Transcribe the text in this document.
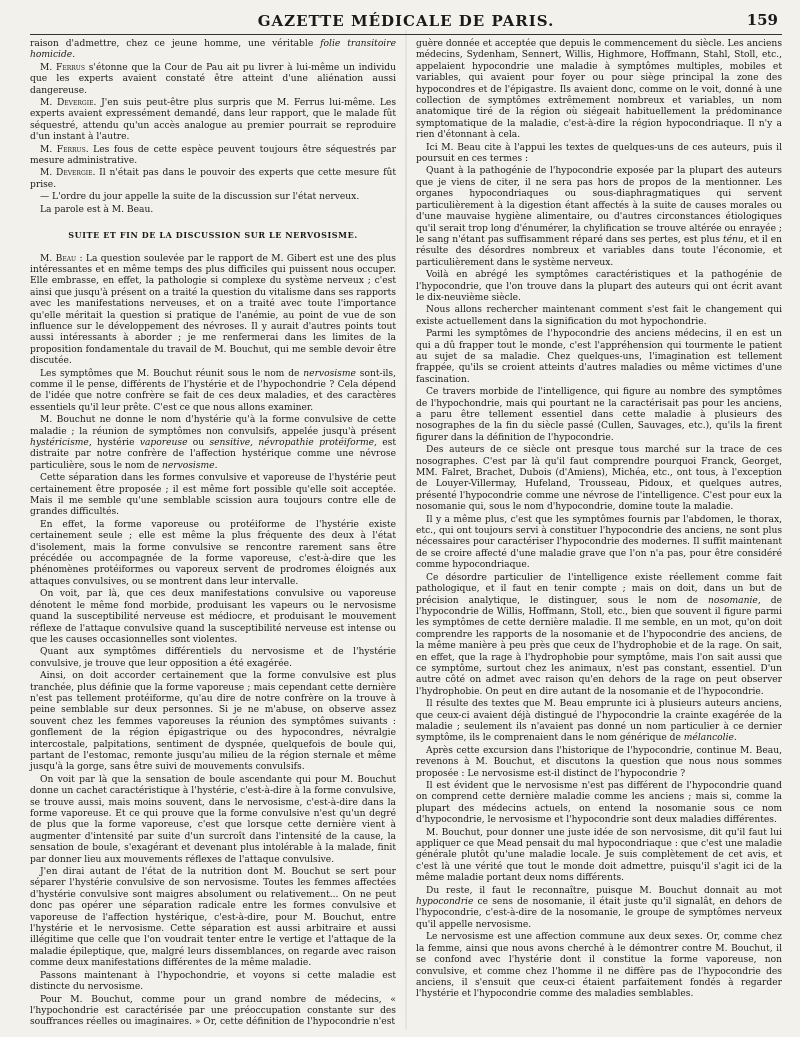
GAZETTE MÉDICALE DE PARIS.	159

raison d'admettre, chez ce jeune homme, une véritable folie transitoire homicide.

M. Ferrus s'étonne que la Cour de Pau ait pu livrer à lui-même un individu que les experts avaient constaté être atteint d'une aliénation aussi dangereuse.

M. Devergie. J'en suis peut-être plus surpris que M. Ferrus lui-même. Les experts avaient expressément demandé, dans leur rapport, que le malade fût séquestré, attendu qu'un accès analogue au premier pourrait se reproduire d'un instant à l'autre.

M. Ferrus. Les fous de cette espèce peuvent toujours être séquestrés par mesure administrative.

M. Devergie. Il n'était pas dans le pouvoir des experts que cette mesure fût prise.

— L'ordre du jour appelle la suite de la discussion sur l'état nerveux.

La parole est à M. Beau.

SUITE ET FIN DE LA DISCUSSION SUR LE NERVOSISME.

M. Beau : La question soulevée par le rapport de M. Gibert est une des plus intéressantes et en même temps des plus difficiles qui puissent nous occuper. Elle embrasse, en effet, la pathologie si complexe du système nerveux ; c'est ainsi que jusqu'à présent on a traité la question du vitalisme dans ses rapports avec les manifestations nerveuses, et on a traité avec toute l'importance qu'elle méritait la question si pratique de l'anémie, au point de vue de son influence sur le développement des névroses. Il y aurait d'autres points tout aussi intéressants à aborder ; je me renfermerai dans les limites de la proposition fondamentale du travail de M. Bouchut, qui me semble devoir être discutée.

Les symptômes que M. Bouchut réunit sous le nom de nervosisme sont-ils, comme il le pense, différents de l'hystérie et de l'hypochondrie ? Cela dépend de l'idée que notre confrère se fait de ces deux maladies, et des caractères essentiels qu'il leur prête. C'est ce que nous allons examiner.

M. Bouchut ne donne le nom d'hystérie qu'à la forme convulsive de cette maladie ; la réunion de symptômes non convulsifs, appelée jusqu'à présent hystéricisme, hystérie vaporeuse ou sensitive, névropathie protéiforme, est distraite par notre confrère de l'affection hystérique comme une névrose particulière, sous le nom de nervosisme.

Cette séparation dans les formes convulsive et vaporeuse de l'hystérie peut certainement être proposée ; il est même fort possible qu'elle soit acceptée. Mais il me semble qu'une semblable scission aura toujours contre elle de grandes difficultés.

En effet, la forme vaporeuse ou protéiforme de l'hystérie existe certainement seule ; elle est même la plus fréquente des deux à l'état d'isolement, mais la forme convulsive se rencontre rarement sans être précédée ou accompagnée de la forme vaporeuse, c'est-à-dire que les phénomènes protéiformes ou vaporeux servent de prodromes éloignés aux attaques convulsives, ou se montrent dans leur intervalle.

On voit, par là, que ces deux manifestations convulsive ou vaporeuse dénotent le même fond morbide, produisant les vapeurs ou le nervosisme quand la susceptibilité nerveuse est médiocre, et produisant le mouvement réflexe de l'attaque convulsive quand la susceptibilité nerveuse est intense ou que les causes occasionnelles sont violentes.

Quant aux symptômes différentiels du nervosisme et de l'hystérie convulsive, je trouve que leur opposition a été exagérée.

Ainsi, on doit accorder certainement que la forme convulsive est plus tranchée, plus définie que la forme vaporeuse ; mais cependant cette dernière n'est pas tellement protéiforme, qu'au dire de notre confrère on la trouve à peine semblable sur deux personnes. Si je ne m'abuse, on observe assez souvent chez les femmes vaporeuses la réunion des symptômes suivants : gonflement de la région épigastrique ou des hypocondres, névralgie intercostale, palpitations, sentiment de dyspnée, quelquefois de boule qui, partant de l'estomac, remonte jusqu'au milieu de la région sternale et même jusqu'à la gorge, sans être suivi de mouvements convulsifs.

On voit par là que la sensation de boule ascendante qui pour M. Bouchut donne un cachet caractéristique à l'hystérie, c'est-à-dire à la forme convulsive, se trouve aussi, mais moins souvent, dans le nervosisme, c'est-à-dire dans la forme vaporeuse. Et ce qui prouve que la forme convulsive n'est qu'un degré de plus que la forme vaporeuse, c'est que lorsque cette dernière vient à augmenter d'intensité par suite d'un surcroît dans l'intensité de la cause, la sensation de boule, s'exagérant et devenant plus intolérable à la malade, finit par donner lieu aux mouvements réflexes de l'attaque convulsive.

J'en dirai autant de l'état de la nutrition dont M. Bouchut se sert pour séparer l'hystérie convulsive de son nervosisme. Toutes les femmes affectées d'hystérie convulsive sont maigres absolument ou relativement... On ne peut donc pas opérer une séparation radicale entre les formes convulsive et vaporeuse de l'affection hystérique, c'est-à-dire, pour M. Bouchut, entre l'hystérie et le nervosisme. Cette séparation est aussi arbitraire et aussi illégitime que celle que l'on voudrait tenter entre le vertige et l'attaque de la maladie épileptique, que, malgré leurs dissemblances, on regarde avec raison comme deux manifestations différentes de la même maladie.

Passons maintenant à l'hypochondrie, et voyons si cette maladie est distincte du nervosisme.

Pour M. Bouchut, comme pour un grand nombre de médecins, « l'hypochondrie est caractérisée par une préoccupation constante sur des souffrances réelles ou imaginaires. » Or, cette définition de l'hypocondrie n'est

guère donnée et acceptée que depuis le commencement du siècle. Les anciens médecins, Sydenham, Sennert, Willis, Highmore, Hoffmann, Stahl, Stoll, etc., appelaient hypocondrie une maladie à symptômes multiples, mobiles et variables, qui avaient pour foyer ou pour siège principal la zone des hypocondres et de l'épigastre. Ils avaient donc, comme on le voit, donné à une collection de symptômes extrêmement nombreux et variables, un nom anatomique tiré de la région où siégeait habituellement la prédominance symptomatique de la maladie, c'est-à-dire la région hypocondriaque. Il n'y a rien d'étonnant à cela.

Ici M. Beau cite à l'appui les textes de quelques-uns de ces auteurs, puis il poursuit en ces termes :

Quant à la pathogénie de l'hypocondrie exposée par la plupart des auteurs que je viens de citer, il ne sera pas hors de propos de la mentionner. Les organes hypocondriaques ou sous-diaphragmatiques qui servent particulièrement à la digestion étant affectés à la suite de causes morales ou d'une mauvaise hygiène alimentaire, ou d'autres circonstances étiologiques qu'il serait trop long d'énumérer, la chylification se trouve altérée ou enrayée ; le sang n'étant pas suffisamment réparé dans ses pertes, est plus ténu, et il en résulte des désordres nombreux et variables dans toute l'économie, et particulièrement dans le système nerveux.

Voilà en abrégé les symptômes caractéristiques et la pathogénie de l'hypocondrie, que l'on trouve dans la plupart des auteurs qui ont écrit avant le dix-neuvième siècle.

Nous allons rechercher maintenant comment s'est fait le changement qui existe actuellement dans la signification du mot hypochondrie.

Parmi les symptômes de l'hypocondrie des anciens médecins, il en est un qui a dû frapper tout le monde, c'est l'appréhension qui tourmente le patient au sujet de sa maladie. Chez quelques-uns, l'imagination est tellement frappée, qu'ils se croient atteints d'autres maladies ou même victimes d'une fascination.

Ce travers morbide de l'intelligence, qui figure au nombre des symptômes de l'hypochondrie, mais qui pourtant ne la caractérisait pas pour les anciens, a paru être tellement essentiel dans cette maladie à plusieurs des nosographes de la fin du siècle passé (Cullen, Sauvages, etc.), qu'ils la firent figurer dans la définition de l'hypocondrie.

Des auteurs de ce siècle ont presque tous marché sur la trace de ces nosographes. C'est par là qu'il faut comprendre pourquoi Franck, Georget, MM. Falret, Brachet, Dubois (d'Amiens), Michéa, etc., ont tous, à l'exception de Louyer-Villermay, Hufeland, Trousseau, Pidoux, et quelques autres, présenté l'hypocondrie comme une névrose de l'intelligence. C'est pour eux la nosomanie qui, sous le nom d'hypocondrie, domine toute la maladie.

Il y a même plus, c'est que les symptômes fournis par l'abdomen, le thorax, etc., qui ont toujours servi à constituer l'hypocondrie des anciens, ne sont plus nécessaires pour caractériser l'hypocondrie des modernes. Il suffit maintenant de se croire affecté d'une maladie grave que l'on n'a pas, pour être considéré comme hypocondriaque.

Ce désordre particulier de l'intelligence existe réellement comme fait pathologique, et il faut en tenir compte ; mais on doit, dans un but de précision analytique, le distinguer, sous le nom de nosomanie, de l'hypocondrie de Willis, Hoffmann, Stoll, etc., bien que souvent il figure parmi les symptômes de cette dernière maladie. Il me semble, en un mot, qu'on doit comprendre les rapports de la nosomanie et de l'hypocondrie des anciens, de la même manière à peu près que ceux de l'hydrophobie et de la rage. On sait, en effet, que la rage à l'hydrophobie pour symptôme, mais l'on sait aussi que ce symptôme, surtout chez les animaux, n'est pas constant, essentiel. D'un autre côté on admet avec raison qu'en dehors de la rage on peut observer l'hydrophobie. On peut en dire autant de la nosomanie et de l'hypocondrie.

Il résulte des textes que M. Beau emprunte ici à plusieurs auteurs anciens, que ceux-ci avaient déjà distingué de l'hypocondrie la crainte exagérée de la maladie ; seulement ils n'avaient pas donné un nom particulier à ce dernier symptôme, ils le comprenaient dans le nom générique de mélancolie.

Après cette excursion dans l'historique de l'hypocondrie, continue M. Beau, revenons à M. Bouchut, et discutons la question que nous nous sommes proposée : Le nervosisme est-il distinct de l'hypocondrie ?

Il est évident que le nervosisme n'est pas différent de l'hypocondrie quand on comprend cette dernière maladie comme les anciens ; mais si, comme la plupart des médecins actuels, on entend la nosomanie sous ce nom d'hypocondrie, le nervosisme et l'hypocondrie sont deux maladies différentes.

M. Bouchut, pour donner une juste idée de son nervosisme, dit qu'il faut lui appliquer ce que Mead pensait du mal hypocondriaque : que c'est une maladie générale plutôt qu'une maladie locale. Je suis complètement de cet avis, et c'est là une vérité que tout le monde doit admettre, puisqu'il s'agit ici de la même maladie portant deux noms différents.

Du reste, il faut le reconnaître, puisque M. Bouchut donnait au mot hypocondrie ce sens de nosomanie, il était juste qu'il signalât, en dehors de l'hypocondrie, c'est-à-dire de la nosomanie, le groupe de symptômes nerveux qu'il appelle nervosisme.

Le nervosisme est une affection commune aux deux sexes. Or, comme chez la femme, ainsi que nous avons cherché à le démontrer contre M. Bouchut, il se confond avec l'hystérie dont il constitue la forme vaporeuse, non convulsive, et comme chez l'homme il ne diffère pas de l'hypocondrie des anciens, il s'ensuit que ceux-ci étaient parfaitement fondés à regarder l'hystérie et l'hypocondrie comme des maladies semblables.
